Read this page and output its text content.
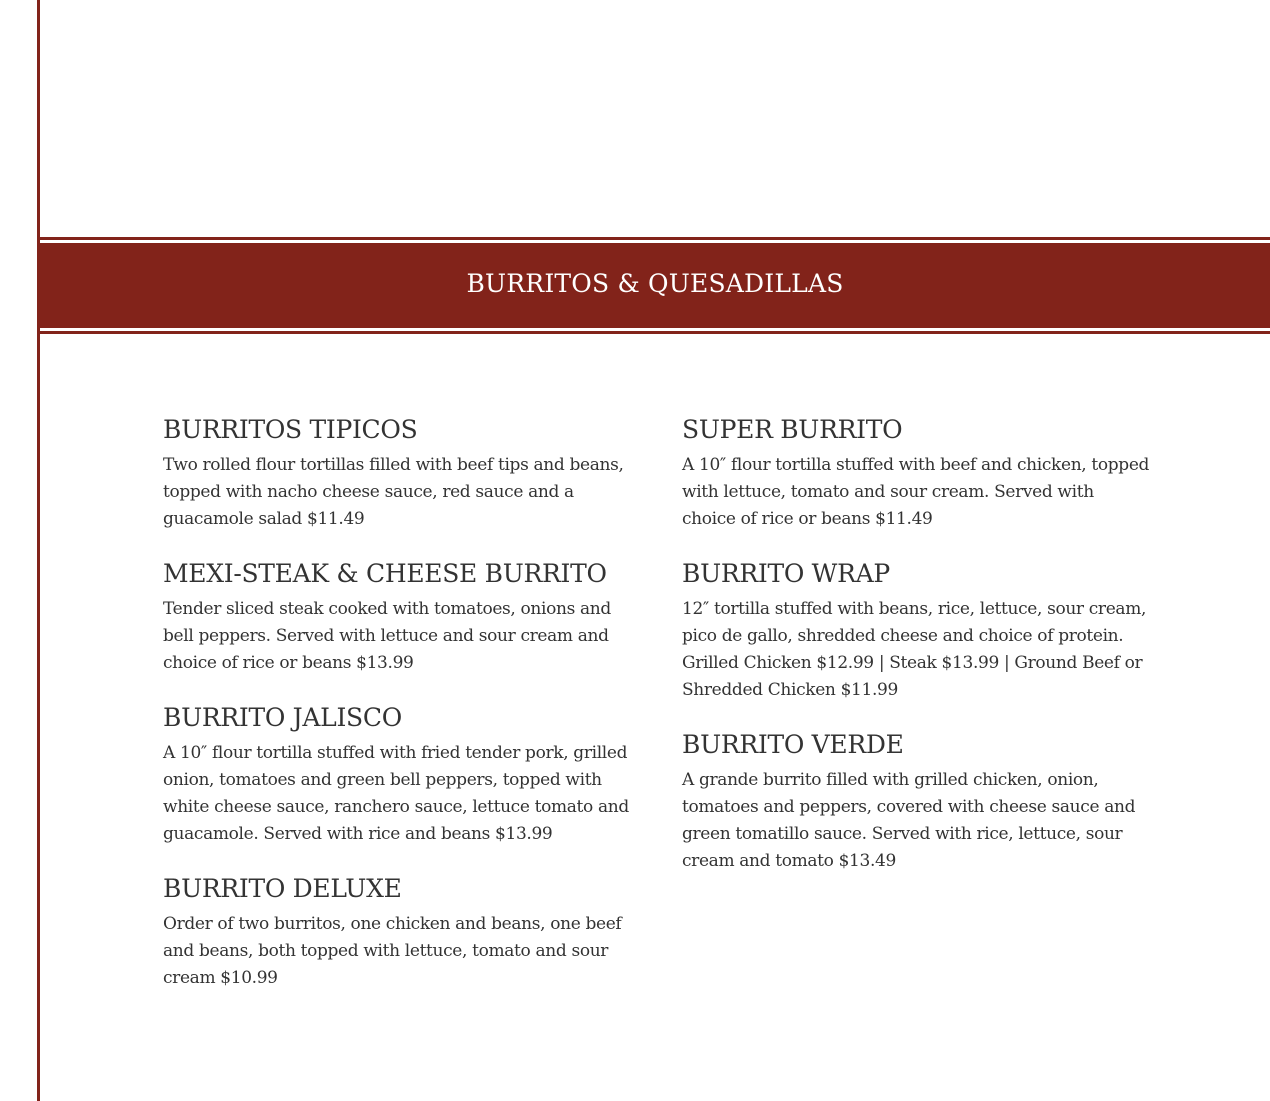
BURRITOS & QUESADILLAS
BURRITOS TIPICOS

Two rolled flour tortillas filled with beef tips and beans, topped with nacho cheese sauce, red sauce and a guacamole salad $11.49

MEXI-STEAK & CHEESE BURRITO

Tender sliced steak cooked with tomatoes, onions and bell peppers. Served with lettuce and sour cream and choice of rice or beans $13.99

BURRITO JALISCO

A 10″ flour tortilla stuffed with fried tender pork, grilled onion, tomatoes and green bell peppers, topped with white cheese sauce, ranchero sauce, lettuce tomato and guacamole. Served with rice and beans $13.99

BURRITO DELUXE

Order of two burritos, one chicken and beans, one beef and beans, both topped with lettuce, tomato and sour cream $10.99

SUPER BURRITO

A 10″ flour tortilla stuffed with beef and chicken, topped with lettuce, tomato and sour cream. Served with choice of rice or beans $11.49

BURRITO WRAP

12″ tortilla stuffed with beans, rice, lettuce, sour cream, pico de gallo, shredded cheese and choice of protein. Grilled Chicken $12.99 | Steak $13.99 | Ground Beef or Shredded Chicken $11.99

BURRITO VERDE

A grande burrito filled with grilled chicken, onion, tomatoes and peppers, covered with cheese sauce and green tomatillo sauce. Served with rice, lettuce, sour cream and tomato $13.49
